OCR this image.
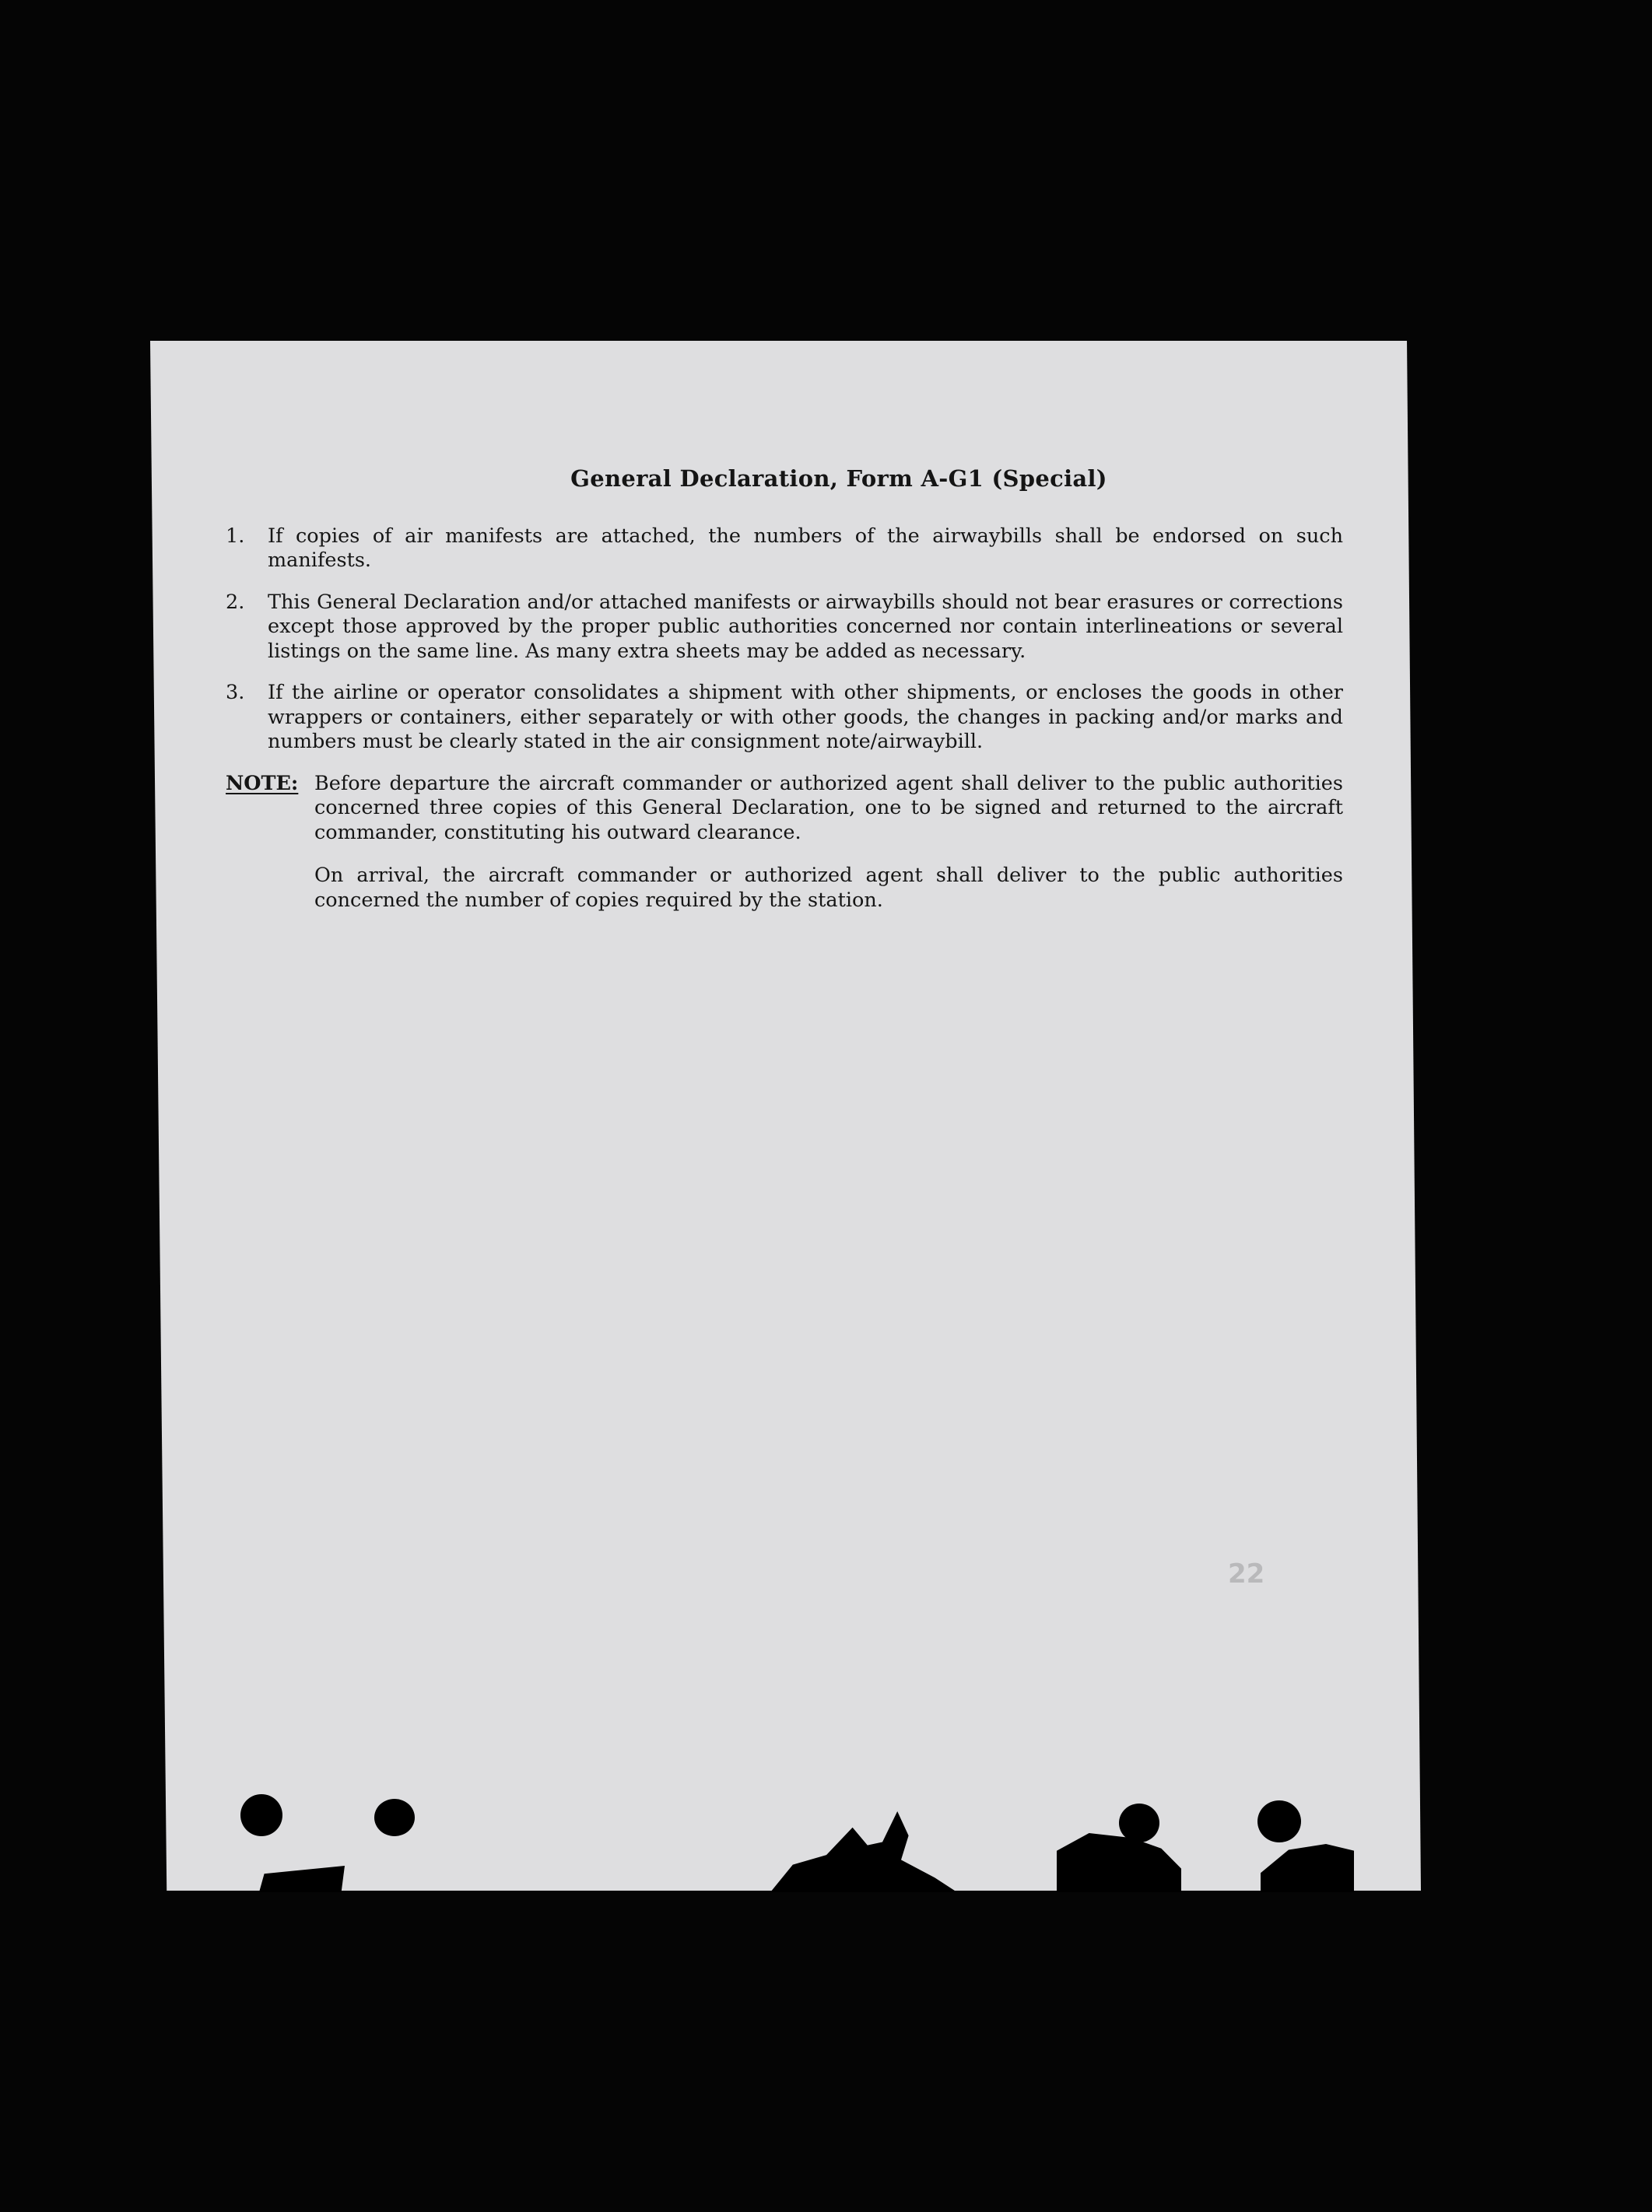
General Declaration, Form A-G1 (Special)
1.	If copies of air manifests are attached, the numbers of the airwaybills shall be endorsed on such manifests.
2.	This General Declaration and/or attached manifests or airwaybills should not bear erasures or corrections except those approved by the proper public authorities concerned nor contain interlineations or several listings on the same line. As many extra sheets may be added as necessary.
3.	If the airline or operator consolidates a shipment with other shipments, or encloses the goods in other wrappers or containers, either separately or with other goods, the changes in packing and/or marks and numbers must be clearly stated in the air consignment note/airwaybill.
NOTE: Before departure the aircraft commander or authorized agent shall deliver to the public authorities concerned three copies of this General Declaration, one to be signed and returned to the aircraft commander, constituting his outward clearance.

On arrival, the aircraft commander or authorized agent shall deliver to the public authorities concerned the number of copies required by the station.

22
